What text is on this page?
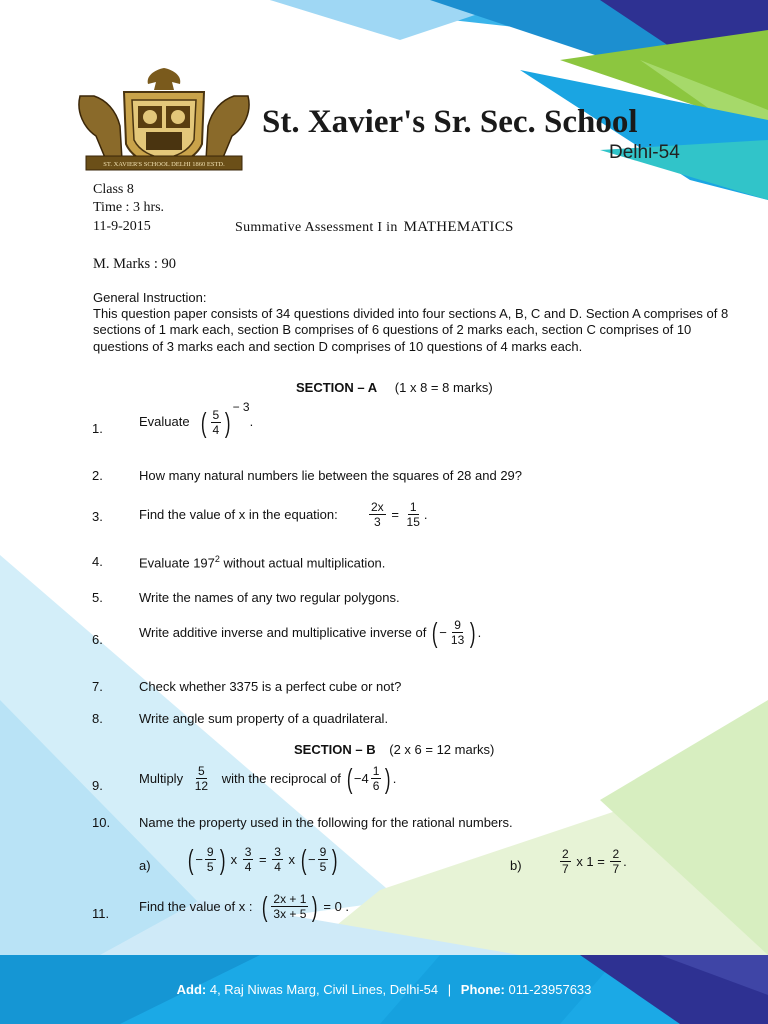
ST. XAVIER'S SCHOOL DELHI 1860 ESTD.
St. Xavier's Sr. Sec. School
Delhi-54
Class 8
Time : 3 hrs.
11-9-2015	Summative Assessment I in MATHEMATICS
M. Marks : 90
General Instruction:
This question paper consists of 34 questions divided into four sections A, B, C and D. Section A comprises of 8 sections of 1 mark each, section B comprises of 6 questions of 2 marks each, section C comprises of 10 questions of 3 marks each and section D comprises of 10 questions of 4 marks each.
SECTION – A (1 x 8 = 8 marks)
1.	Evaluate ( $\frac{5}{4}$ ) $^{- 3}$.
2.	How many natural numbers lie between the squares of 28 and 29?
3.	Find the value of x in the equation:	$\frac{2x}{3} = \frac{1}{15}$ .
4.	Evaluate $197^2$ without actual multiplication.
5.	Write the names of any two regular polygons.
6.	Write additive inverse and multiplicative inverse of ( − $\frac{9}{13}$ ) .
7.	Check whether 3375 is a perfect cube or not?
8.	Write angle sum property of a quadrilateral.
SECTION – B (2 x 6 = 12 marks)
9.	Multiply $\frac{5}{12}$ with the reciprocal of ( $-4 \frac{1}{6}$ ) .
10. Name the property used in the following for the rational numbers.
a) ( − $\frac{9}{5}$ ) x $\frac{3}{4} = \frac{3}{4}$ x ( − $\frac{9}{5}$ )	b)	$\frac{2}{7}$ x $1 = \frac{2}{7}$ .
11. Find the value of x : ( $\frac{2x + 1}{3x + 5}$ ) = 0 .
Add: 4, Raj Niwas Marg, Civil Lines, Delhi-54 | Phone: 011-23957633
